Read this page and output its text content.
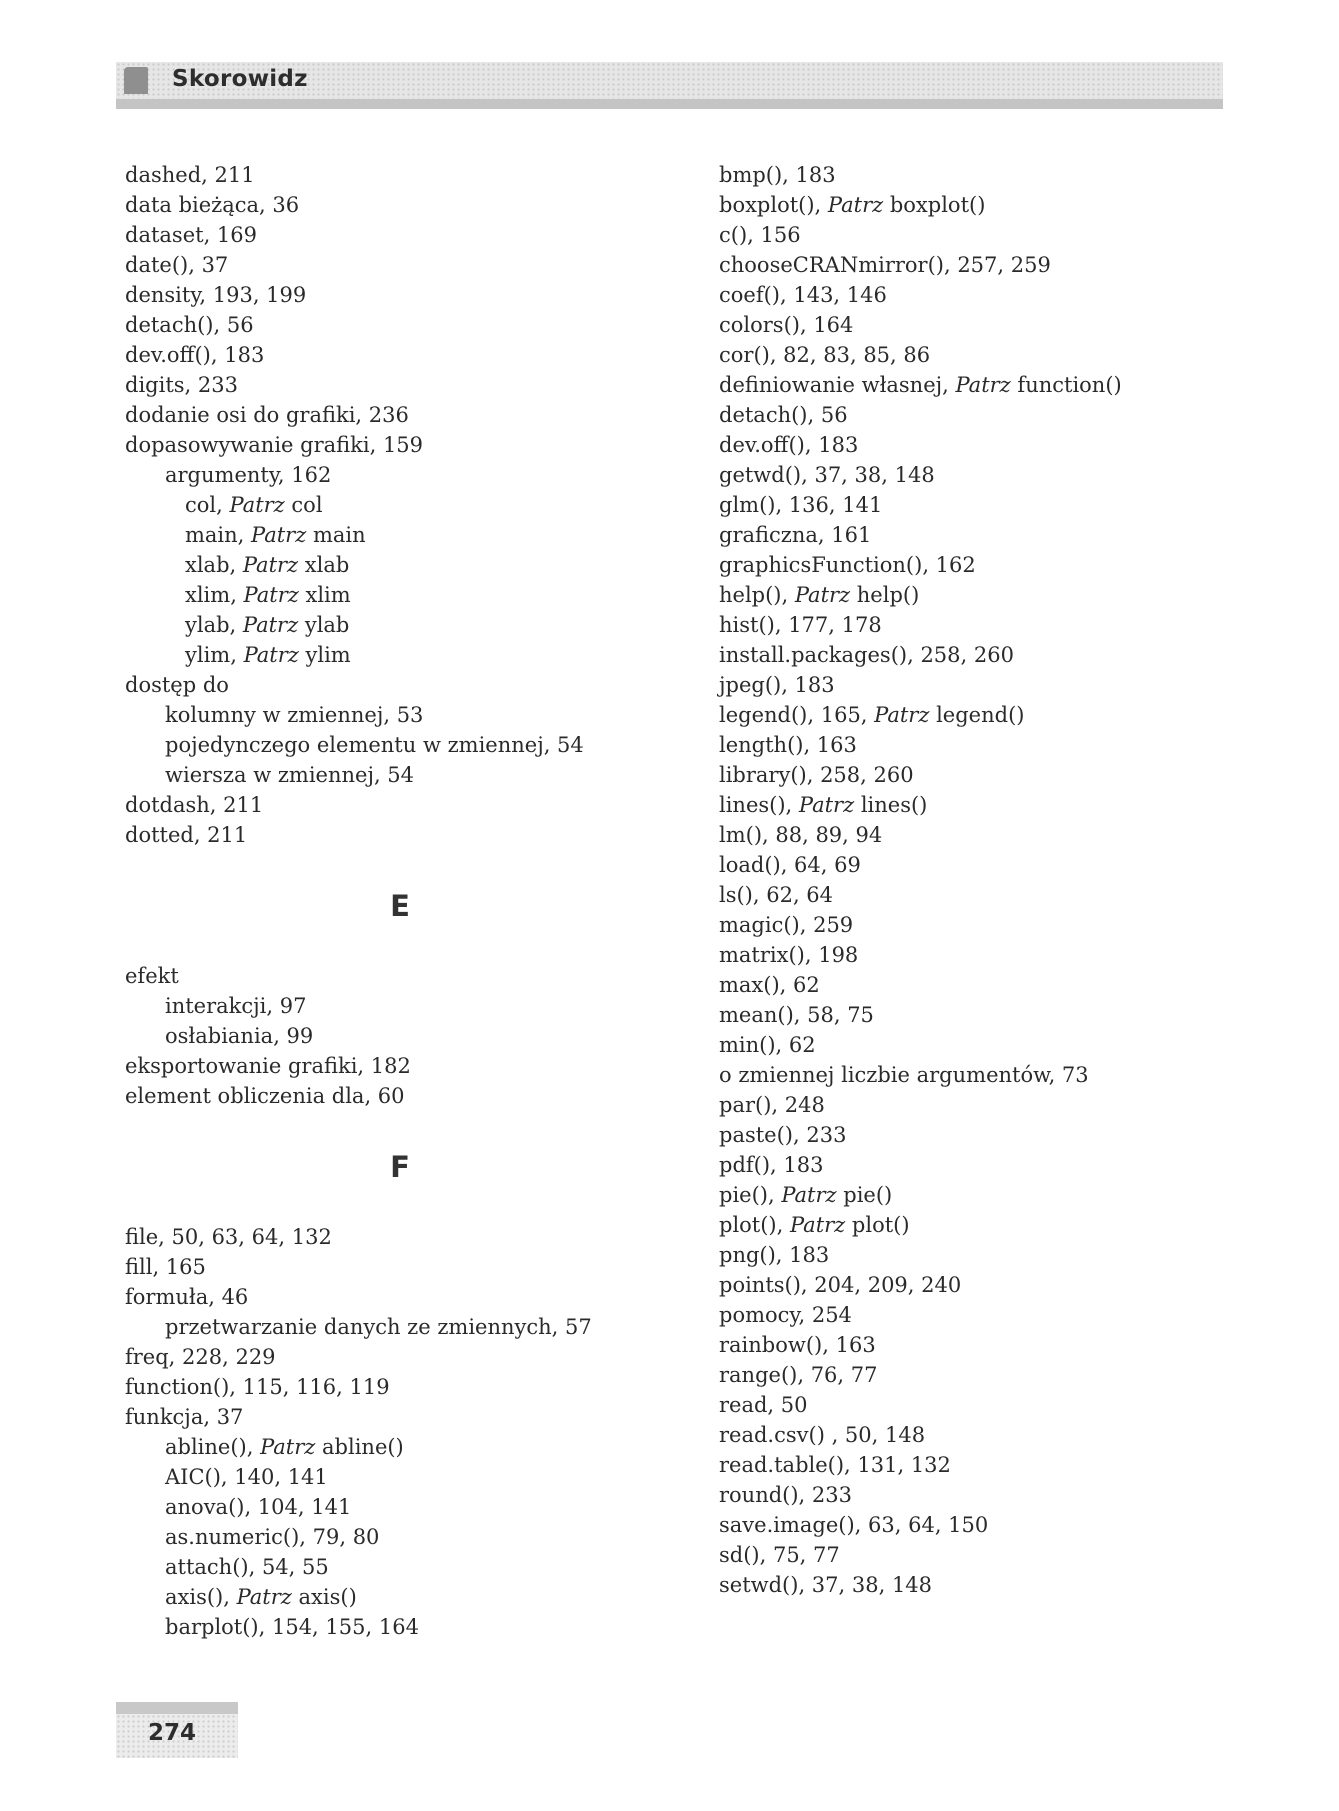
Skorowidz
dashed, 211
data bieżąca, 36
dataset, 169
date(), 37
density, 193, 199
detach(), 56
dev.off(), 183
digits, 233
dodanie osi do grafiki, 236
dopasowywanie grafiki, 159
argumenty, 162
col, Patrz col
main, Patrz main
xlab, Patrz xlab
xlim, Patrz xlim
ylab, Patrz ylab
ylim, Patrz ylim
dostęp do
kolumny w zmiennej, 53
pojedynczego elementu w zmiennej, 54
wiersza w zmiennej, 54
dotdash, 211
dotted, 211
E
efekt
interakcji, 97
osłabiania, 99
eksportowanie grafiki, 182
element obliczenia dla, 60
F
file, 50, 63, 64, 132
fill, 165
formuła, 46
przetwarzanie danych ze zmiennych, 57
freq, 228, 229
function(), 115, 116, 119
funkcja, 37
abline(), Patrz abline()
AIC(), 140, 141
anova(), 104, 141
as.numeric(), 79, 80
attach(), 54, 55
axis(), Patrz axis()
barplot(), 154, 155, 164
bmp(), 183
boxplot(), Patrz boxplot()
c(), 156
chooseCRANmirror(), 257, 259
coef(), 143, 146
colors(), 164
cor(), 82, 83, 85, 86
definiowanie własnej, Patrz function()
detach(), 56
dev.off(), 183
getwd(), 37, 38, 148
glm(), 136, 141
graficzna, 161
graphicsFunction(), 162
help(), Patrz help()
hist(), 177, 178
install.packages(), 258, 260
jpeg(), 183
legend(), 165, Patrz legend()
length(), 163
library(), 258, 260
lines(), Patrz lines()
lm(), 88, 89, 94
load(), 64, 69
ls(), 62, 64
magic(), 259
matrix(), 198
max(), 62
mean(), 58, 75
min(), 62
o zmiennej liczbie argumentów, 73
par(), 248
paste(), 233
pdf(), 183
pie(), Patrz pie()
plot(), Patrz plot()
png(), 183
points(), 204, 209, 240
pomocy, 254
rainbow(), 163
range(), 76, 77
read, 50
read.csv() , 50, 148
read.table(), 131, 132
round(), 233
save.image(), 63, 64, 150
sd(), 75, 77
setwd(), 37, 38, 148
274
